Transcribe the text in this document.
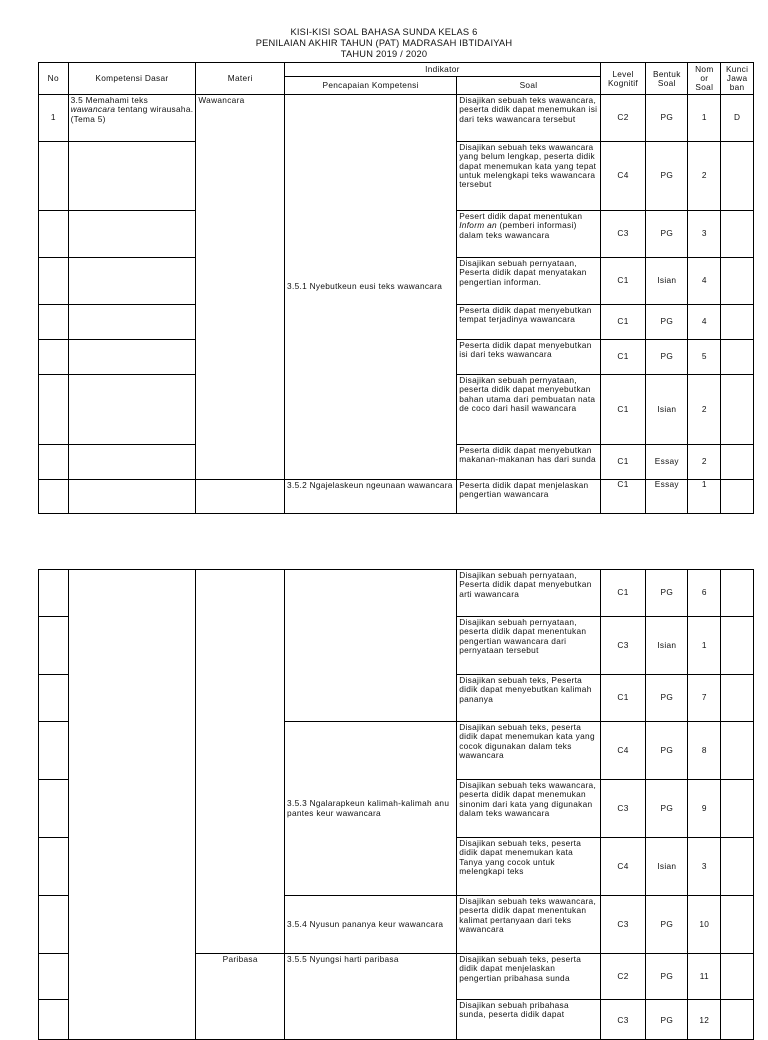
KISI-KISI SOAL BAHASA SUNDA KELAS 6
PENILAIAN AKHIR TAHUN (PAT) MADRASAH IBTIDAIYAH
TAHUN 2019 / 2020
No	Kompetensi Dasar	Materi	Indikator		Level Kognitif	Bentuk Soal	Nom or Soal	Kunci Jawa ban
			Pencapaian Kompetensi	Soal				
1	3.5 Memahami teks wawancara tentang wirausaha. (Tema 5)	Wawancara	3.5.1 Nyebutkeun eusi teks wawancara	Disajikan sebuah teks wawancara, peserta didik dapat menemukan isi dari teks wawancara tersebut	C2	PG	1	D
				Disajikan sebuah teks wawancara yang belum lengkap, peserta didik dapat menemukan kata yang tepat untuk melengkapi teks wawancara tersebut	C4	PG	2	
				Pesert didik dapat menentukan Inform an (pemberi informasi) dalam teks wawancara	C3	PG	3	
				Disajikan sebuah pernyataan, Peserta didik dapat menyatakan pengertian informan.	C1	Isian	4	
				Peserta didik dapat menyebutkan tempat terjadinya wawancara	C1	PG	4	
				Peserta didik dapat menyebutkan isi dari teks wawancara	C1	PG	5	
				Disajikan sebuah pernyataan, peserta didik dapat menyebutkan bahan utama dari pembuatan nata de coco dari hasil wawancara	C1	Isian	2	
				Peserta didik dapat menyebutkan makanan-makanan has dari sunda	C1	Essay	2	
			3.5.2 Ngajelaskeun ngeunaan wawancara	Peserta didik dapat menjelaskan pengertian wawancara	C1	Essay	1	
				Disajikan sebuah pernyataan, Peserta didik dapat menyebutkan arti wawancara	C1	PG	6	
				Disajikan sebuah pernyataan, peserta didik dapat menentukan pengertian wawancara dari pernyataan tersebut	C3	Isian	1	
				Disajikan sebuah teks, Peserta didik dapat menyebutkan kalimah pananya	C1	PG	7	
			3.5.3 Ngalarapkeun kalimah-kalimah anu pantes keur wawancara	Disajikan sebuah teks, peserta didik dapat menemukan kata yang cocok digunakan dalam teks wawancara	C4	PG	8	
				Disajikan sebuah teks wawancara, peserta didik dapat menemukan sinonim dari kata yang digunakan dalam teks wawancara	C3	PG	9	
				Disajikan sebuah teks, peserta didik dapat menemukan kata Tanya yang cocok untuk melengkapi teks	C4	Isian	3	
			3.5.4 Nyusun pananya keur wawancara	Disajikan sebuah teks wawancara, peserta didik dapat menentukan kalimat pertanyaan dari teks wawancara	C3	PG	10	
		Paribasa	3.5.5 Nyungsi harti paribasa	Disajikan sebuah teks, peserta didik dapat menjelaskan pengertian pribahasa sunda	C2	PG	11	
				Disajikan sebuah pribahasa sunda, peserta didik dapat	C3	PG	12	
